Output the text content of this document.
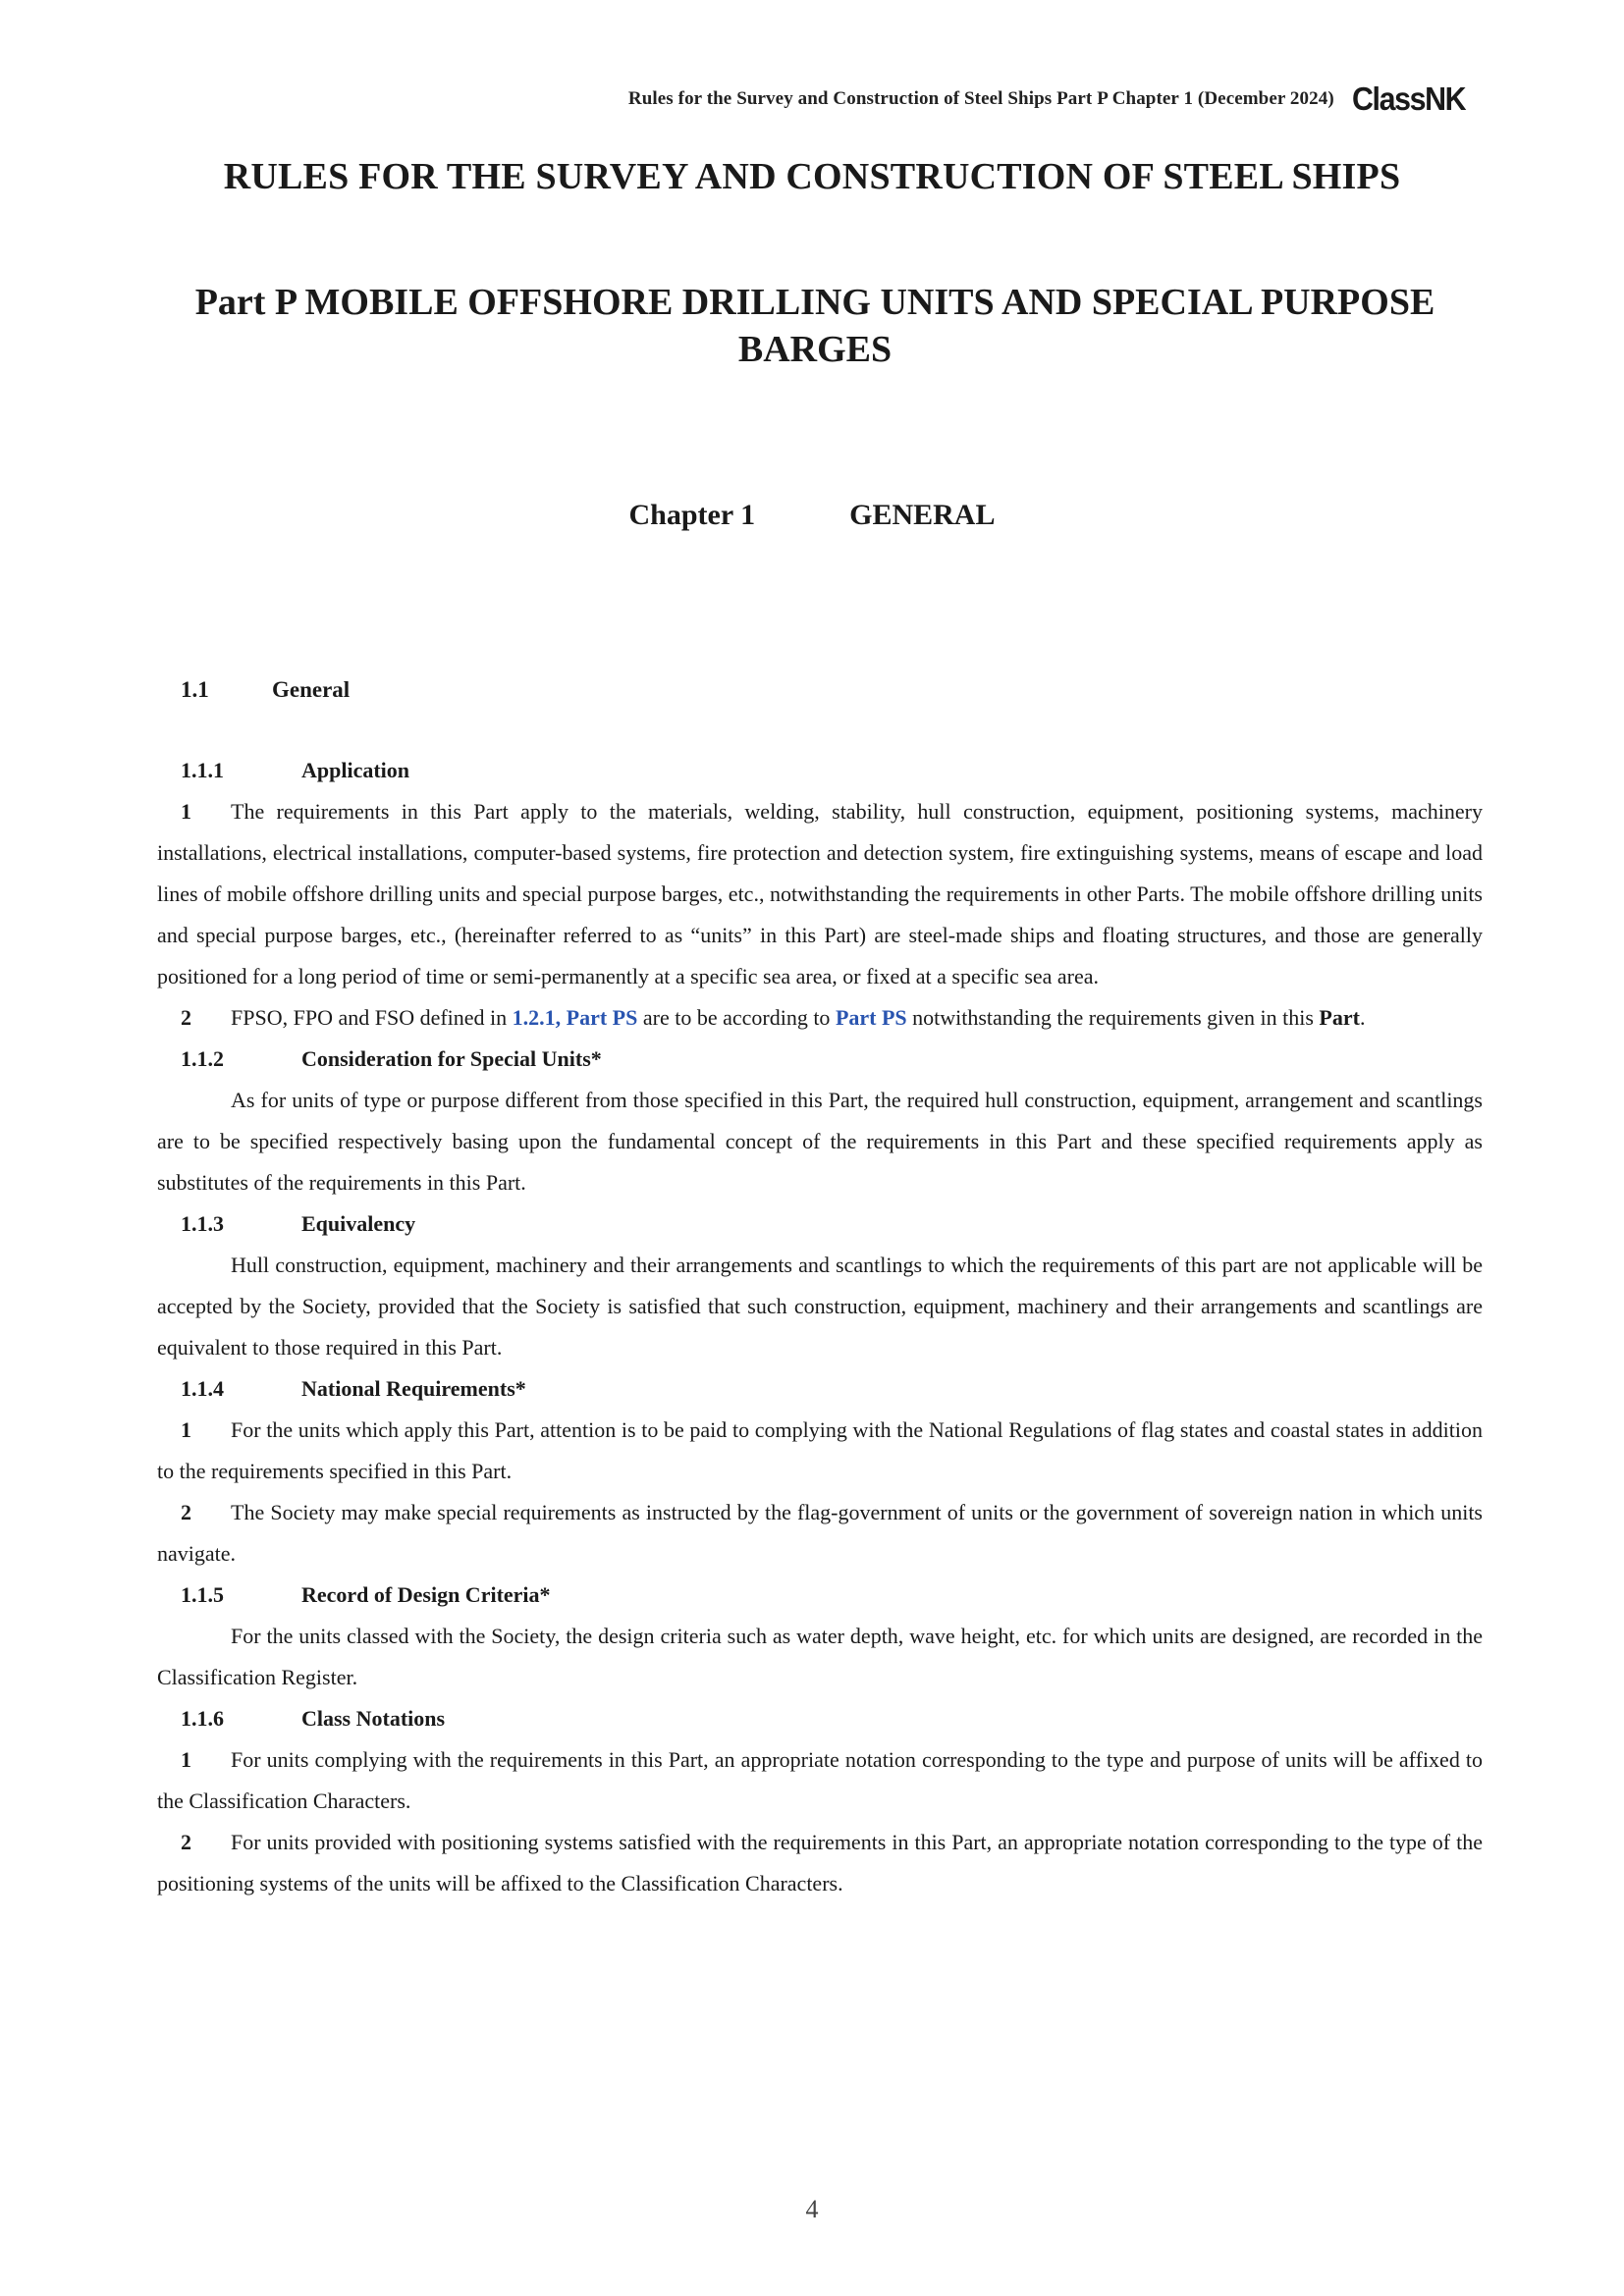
Rules for the Survey and Construction of Steel Ships Part P Chapter 1 (December 2024) ClassNK
RULES FOR THE SURVEY AND CONSTRUCTION OF STEEL SHIPS
Part P MOBILE OFFSHORE DRILLING UNITS AND SPECIAL PURPOSE BARGES
Chapter 1	GENERAL
1.1	General
1.1.1	Application

1 The requirements in this Part apply to the materials, welding, stability, hull construction, equipment, positioning systems, machinery installations, electrical installations, computer-based systems, fire protection and detection system, fire extinguishing systems, means of escape and load lines of mobile offshore drilling units and special purpose barges, etc., notwithstanding the requirements in other Parts. The mobile offshore drilling units and special purpose barges, etc., (hereinafter referred to as “units” in this Part) are steel-made ships and floating structures, and those are generally positioned for a long period of time or semi-permanently at a specific sea area, or fixed at a specific sea area.

2 FPSO, FPO and FSO defined in 1.2.1, Part PS are to be according to Part PS notwithstanding the requirements given in this Part.

1.1.2	Consideration for Special Units*

As for units of type or purpose different from those specified in this Part, the required hull construction, equipment, arrangement and scantlings are to be specified respectively basing upon the fundamental concept of the requirements in this Part and these specified requirements apply as substitutes of the requirements in this Part.

1.1.3	Equivalency

Hull construction, equipment, machinery and their arrangements and scantlings to which the requirements of this part are not applicable will be accepted by the Society, provided that the Society is satisfied that such construction, equipment, machinery and their arrangements and scantlings are equivalent to those required in this Part.

1.1.4	National Requirements*

1 For the units which apply this Part, attention is to be paid to complying with the National Regulations of flag states and coastal states in addition to the requirements specified in this Part.

2 The Society may make special requirements as instructed by the flag-government of units or the government of sovereign nation in which units navigate.

1.1.5	Record of Design Criteria*

For the units classed with the Society, the design criteria such as water depth, wave height, etc. for which units are designed, are recorded in the Classification Register.

1.1.6	Class Notations

1 For units complying with the requirements in this Part, an appropriate notation corresponding to the type and purpose of units will be affixed to the Classification Characters.

2 For units provided with positioning systems satisfied with the requirements in this Part, an appropriate notation corresponding to the type of the positioning systems of the units will be affixed to the Classification Characters.

4
